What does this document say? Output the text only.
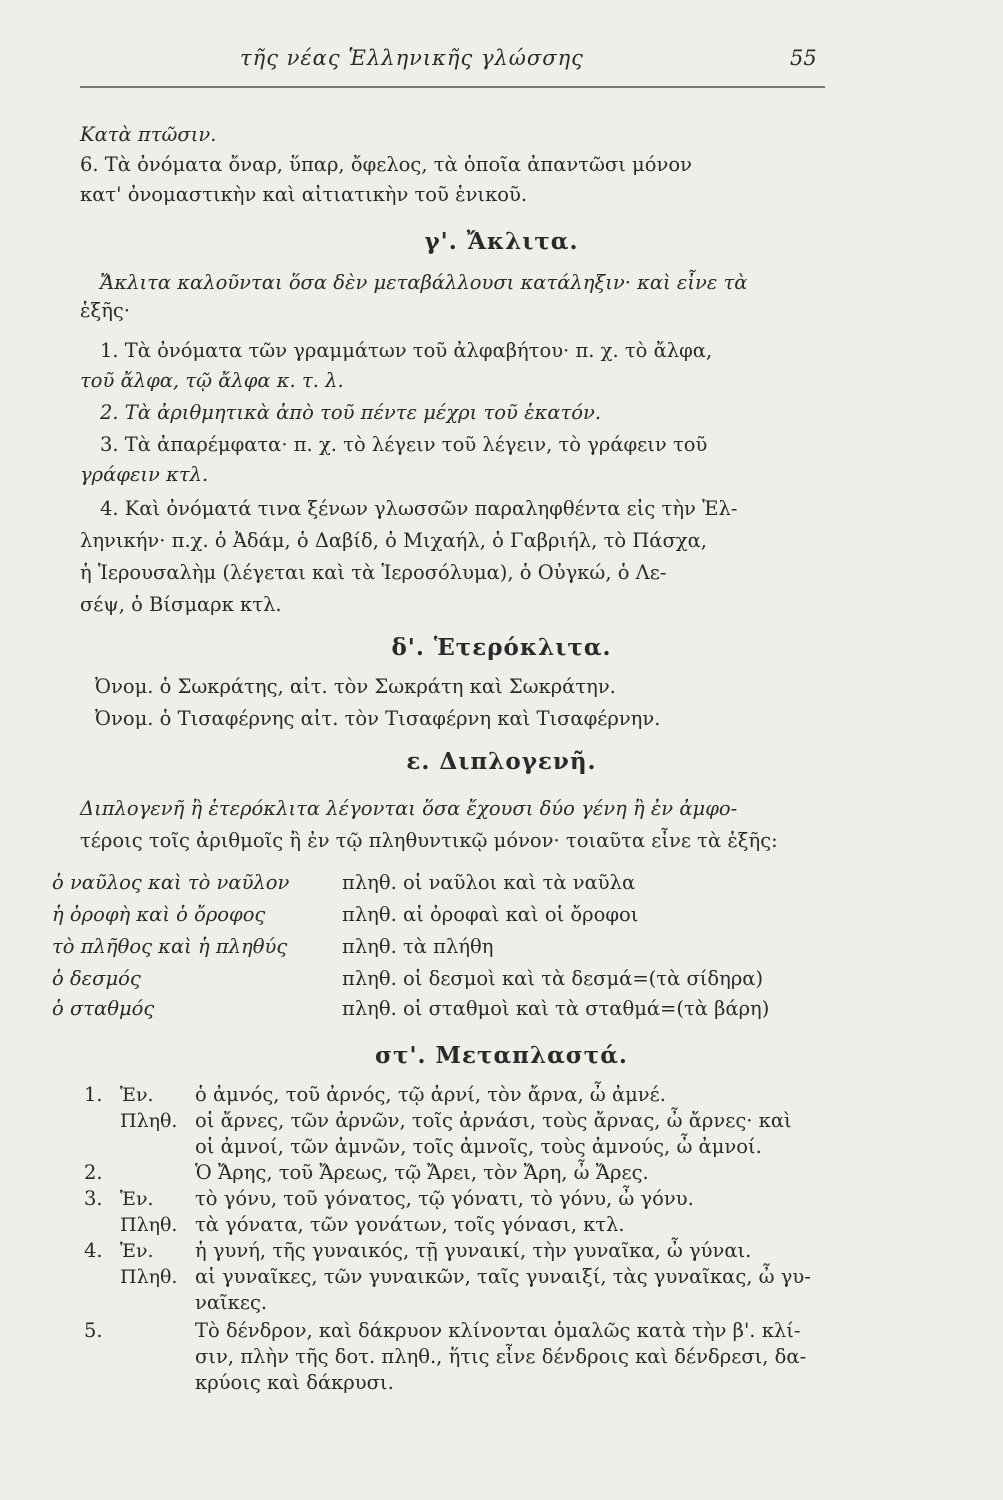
τῆς νέας Ἑλληνικῆς γλώσσης	55
Κατὰ πτῶσιν.
6. Τὰ ὀνόματα ὄναρ, ὕπαρ, ὄφελος, τὰ ὁποῖα ἀπαντῶσι μόνον
κατ' ὀνομαστικὴν καὶ αἰτιατικὴν τοῦ ἑνικοῦ.
γ'. Ἄκλιτα.
Ἄκλιτα καλοῦνται ὅσα δὲν μεταβάλλουσι κατάληξιν· καὶ εἶνε τὰ
ἑξῆς·
1. Τὰ ὀνόματα τῶν γραμμάτων τοῦ ἀλφαβήτου· π. χ. τὸ ἄλφα,
τοῦ ἄλφα, τῷ ἄλφα κ. τ. λ.
2. Τὰ ἀριθμητικὰ ἀπὸ τοῦ πέντε μέχρι τοῦ ἑκατόν.
3. Τὰ ἀπαρέμφατα· π. χ. τὸ λέγειν τοῦ λέγειν, τὸ γράφειν τοῦ
γράφειν κτλ.
4. Καὶ ὀνόματά τινα ξένων γλωσσῶν παραληφθέντα εἰς τὴν Ἑλ-
ληνικήν· π.χ. ὁ Ἀδάμ, ὁ Δαβίδ, ὁ Μιχαήλ, ὁ Γαβριήλ, τὸ Πάσχα,
ἡ Ἱερουσαλὴμ (λέγεται καὶ τὰ Ἱεροσόλυμα), ὁ Οὐγκώ, ὁ Λε-
σέψ, ὁ Βίσμαρκ κτλ.
δ'. Ἑτερόκλιτα.
Ὀνομ. ὁ Σωκράτης, αἰτ. τὸν Σωκράτη καὶ Σωκράτην.
Ὀνομ. ὁ Τισαφέρνης αἰτ. τὸν Τισαφέρνη καὶ Τισαφέρνην.
ε. Διπλογενῆ.
Διπλογενῆ ἢ ἑτερόκλιτα λέγονται ὅσα ἔχουσι δύο γένη ἢ ἐν ἀμφο-
τέροις τοῖς ἀριθμοῖς ἢ ἐν τῷ πληθυντικῷ μόνον· τοιαῦτα εἶνε τὰ ἑξῆς:
ὁ ναῦλος καὶ τὸ ναῦλον	πληθ. οἱ ναῦλοι καὶ τὰ ναῦλα
ἡ ὀροφὴ καὶ ὁ ὄροφος	πληθ. αἱ ὀροφαὶ καὶ οἱ ὄροφοι
τὸ πλῆθος καὶ ἡ πληθύς	πληθ. τὰ πλήθη
ὁ δεσμός	πληθ. οἱ δεσμοὶ καὶ τὰ δεσμά=(τὰ σίδηρα)
ὁ σταθμός	πληθ. οἱ σταθμοὶ καὶ τὰ σταθμά=(τὰ βάρη)
στ'. Μεταπλαστά.
1. Ἑν. ὁ ἀμνός, τοῦ ἀρνός, τῷ ἀρνί, τὸν ἄρνα, ὦ ἀμνέ.
Πληθ. οἱ ἄρνες, τῶν ἀρνῶν, τοῖς ἀρνάσι, τοὺς ἄρνας, ὦ ἄρνες· καὶ
οἱ ἀμνοί, τῶν ἀμνῶν, τοῖς ἀμνοῖς, τοὺς ἀμνούς, ὦ ἀμνοί.
2.	Ὁ Ἄρης, τοῦ Ἄρεως, τῷ Ἄρει, τὸν Ἄρη, ὦ Ἄρες.
3. Ἑν. τὸ γόνυ, τοῦ γόνατος, τῷ γόνατι, τὸ γόνυ, ὦ γόνυ.
Πληθ. τὰ γόνατα, τῶν γονάτων, τοῖς γόνασι, κτλ.
4. Ἑν. ἡ γυνή, τῆς γυναικός, τῇ γυναικί, τὴν γυναῖκα, ὦ γύναι.
Πληθ. αἱ γυναῖκες, τῶν γυναικῶν, ταῖς γυναιξί, τὰς γυναῖκας, ὦ γυ-
ναῖκες.
5.	Τὸ δένδρον, καὶ δάκρυον κλίνονται ὁμαλῶς κατὰ τὴν β'. κλί-
σιν, πλὴν τῆς δοτ. πληθ., ἥτις εἶνε δένδροις καὶ δένδρεσι, δα-
κρύοις καὶ δάκρυσι.
